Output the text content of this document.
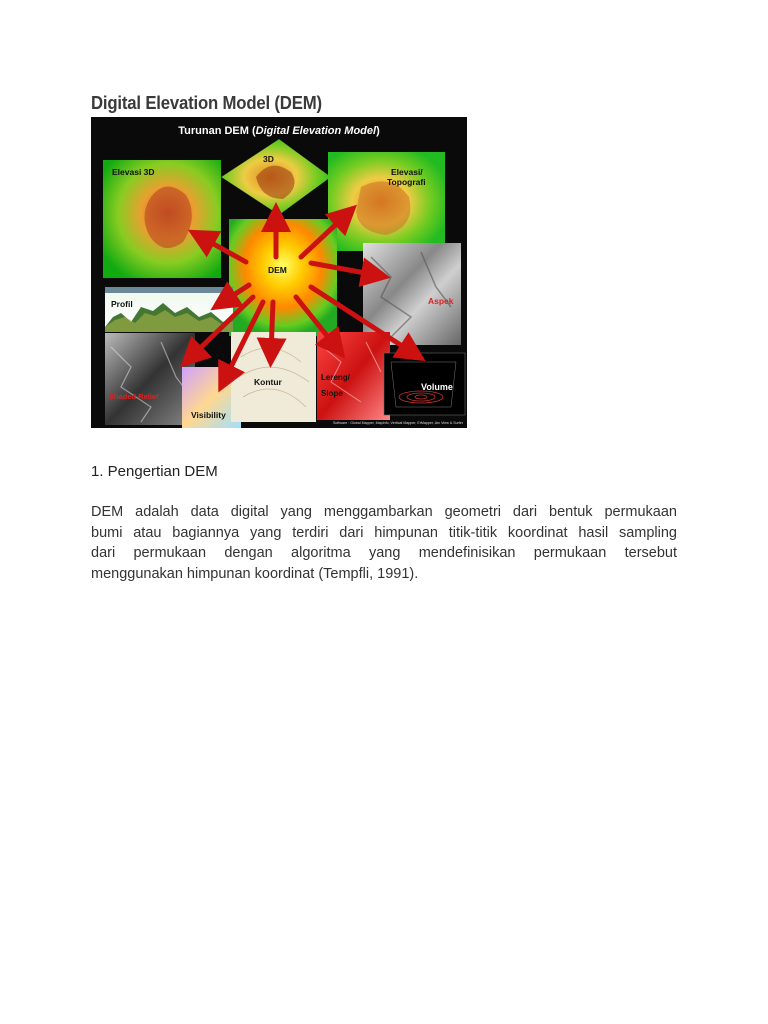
Digital Elevation Model (DEM)
Turunan DEM (Digital Elevation Model)
Elevasi 3D
3D
Elevasi/
Topografi
Aspek
DEM
Profil
Shaded Relief
Visibility
Kontur	Lereng/
Slope
Volume
Software : Global Mapper, MapInfo, Vertical Mapper, ErMapper, Arc View & Surfer
1. Pengertian DEM
DEM adalah data digital yang menggambarkan geometri dari bentuk permukaan
bumi atau bagiannya yang terdiri dari himpunan titik-titik koordinat hasil sampling
dari permukaan dengan algoritma yang mendefinisikan permukaan tersebut
menggunakan himpunan koordinat (Tempfli, 1991).
